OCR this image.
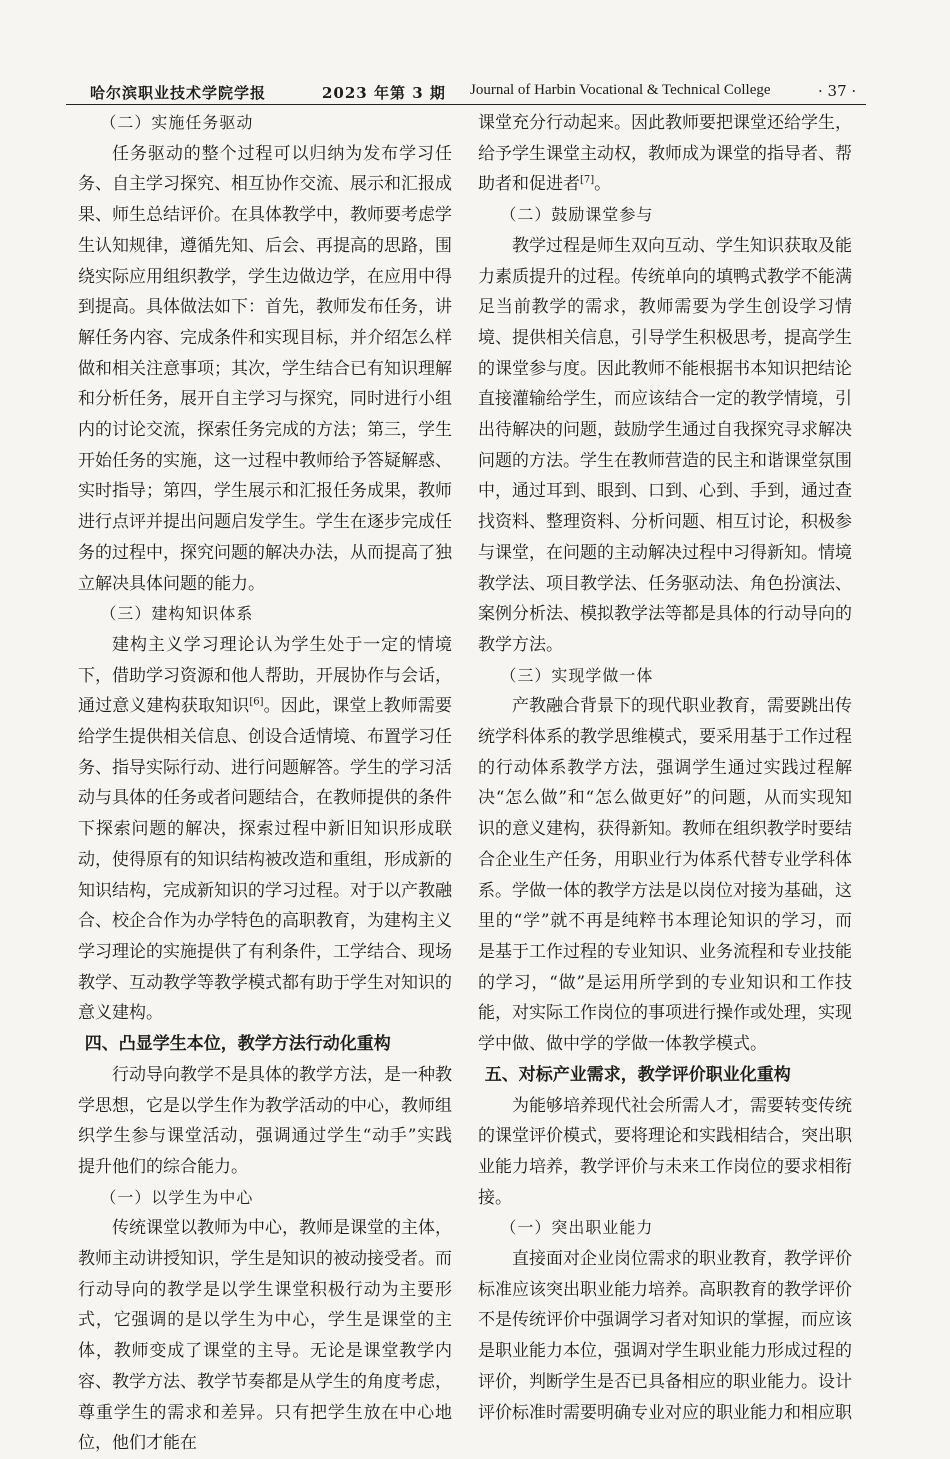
哈尔滨职业技术学院学报	2023 年第 3 期 Journal of Harbin Vocational & Technical College	· 37 ·
（二）实施任务驱动

任务驱动的整个过程可以归纳为发布学习任务、自主学习探究、相互协作交流、展示和汇报成果、师生总结评价。在具体教学中，教师要考虑学生认知规律，遵循先知、后会、再提高的思路，围绕实际应用组织教学，学生边做边学，在应用中得到提高。具体做法如下：首先，教师发布任务，讲解任务内容、完成条件和实现目标，并介绍怎么样做和相关注意事项；其次，学生结合已有知识理解和分析任务，展开自主学习与探究，同时进行小组内的讨论交流，探索任务完成的方法；第三，学生开始任务的实施，这一过程中教师给予答疑解惑、实时指导；第四，学生展示和汇报任务成果，教师进行点评并提出问题启发学生。学生在逐步完成任务的过程中，探究问题的解决办法，从而提高了独立解决具体问题的能力。

（三）建构知识体系

建构主义学习理论认为学生处于一定的情境下，借助学习资源和他人帮助，开展协作与会话，通过意义建构获取知识[6]。因此，课堂上教师需要给学生提供相关信息、创设合适情境、布置学习任务、指导实际行动、进行问题解答。学生的学习活动与具体的任务或者问题结合，在教师提供的条件下探索问题的解决，探索过程中新旧知识形成联动，使得原有的知识结构被改造和重组，形成新的知识结构，完成新知识的学习过程。对于以产教融合、校企合作为办学特色的高职教育，为建构主义学习理论的实施提供了有利条件，工学结合、现场教学、互动教学等教学模式都有助于学生对知识的意义建构。

四、凸显学生本位，教学方法行动化重构

行动导向教学不是具体的教学方法，是一种教学思想，它是以学生作为教学活动的中心，教师组织学生参与课堂活动，强调通过学生“动手”实践提升他们的综合能力。

（一）以学生为中心

传统课堂以教师为中心，教师是课堂的主体，教师主动讲授知识，学生是知识的被动接受者。而行动导向的教学是以学生课堂积极行动为主要形式，它强调的是以学生为中心，学生是课堂的主体，教师变成了课堂的主导。无论是课堂教学内容、教学方法、教学节奏都是从学生的角度考虑，尊重学生的需求和差异。只有把学生放在中心地位，他们才能在

课堂充分行动起来。因此教师要把课堂还给学生，给予学生课堂主动权，教师成为课堂的指导者、帮助者和促进者[7]。

（二）鼓励课堂参与

教学过程是师生双向互动、学生知识获取及能力素质提升的过程。传统单向的填鸭式教学不能满足当前教学的需求，教师需要为学生创设学习情境、提供相关信息，引导学生积极思考，提高学生的课堂参与度。因此教师不能根据书本知识把结论直接灌输给学生，而应该结合一定的教学情境，引出待解决的问题，鼓励学生通过自我探究寻求解决问题的方法。学生在教师营造的民主和谐课堂氛围中，通过耳到、眼到、口到、心到、手到，通过查找资料、整理资料、分析问题、相互讨论，积极参与课堂，在问题的主动解决过程中习得新知。情境教学法、项目教学法、任务驱动法、角色扮演法、案例分析法、模拟教学法等都是具体的行动导向的教学方法。

（三）实现学做一体

产教融合背景下的现代职业教育，需要跳出传统学科体系的教学思维模式，要采用基于工作过程的行动体系教学方法，强调学生通过实践过程解决“怎么做”和“怎么做更好”的问题，从而实现知识的意义建构，获得新知。教师在组织教学时要结合企业生产任务，用职业行为体系代替专业学科体系。学做一体的教学方法是以岗位对接为基础，这里的“学”就不再是纯粹书本理论知识的学习，而是基于工作过程的专业知识、业务流程和专业技能的学习，“做”是运用所学到的专业知识和工作技能，对实际工作岗位的事项进行操作或处理，实现学中做、做中学的学做一体教学模式。

五、对标产业需求，教学评价职业化重构

为能够培养现代社会所需人才，需要转变传统的课堂评价模式，要将理论和实践相结合，突出职业能力培养，教学评价与未来工作岗位的要求相衔接。

（一）突出职业能力

直接面对企业岗位需求的职业教育，教学评价标准应该突出职业能力培养。高职教育的教学评价不是传统评价中强调学习者对知识的掌握，而应该是职业能力本位，强调对学生职业能力形成过程的评价，判断学生是否已具备相应的职业能力。设计评价标准时需要明确专业对应的职业能力和相应职
